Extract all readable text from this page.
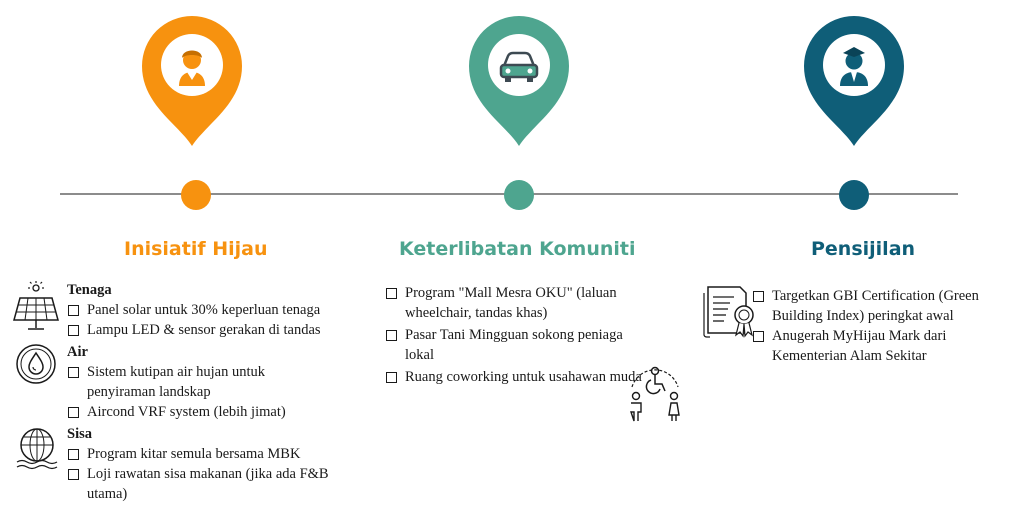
Inisiatif Hijau	Keterlibatan Komuniti	Pensijilan
Tenaga
Panel solar untuk 30% keperluan tenaga
Lampu LED & sensor gerakan di tandas
Air
Sistem kutipan air hujan untuk penyiraman landskap
Aircond VRF system (lebih jimat)
Sisa
Program kitar semula bersama MBK
Loji rawatan sisa makanan (jika ada F&B utama)
Program "Mall Mesra OKU" (laluan wheelchair, tandas khas)
Pasar Tani Mingguan sokong peniaga lokal
Ruang coworking untuk usahawan muda
Targetkan GBI Certification (Green Building Index) peringkat awal
Anugerah MyHijau Mark dari Kementerian Alam Sekitar
